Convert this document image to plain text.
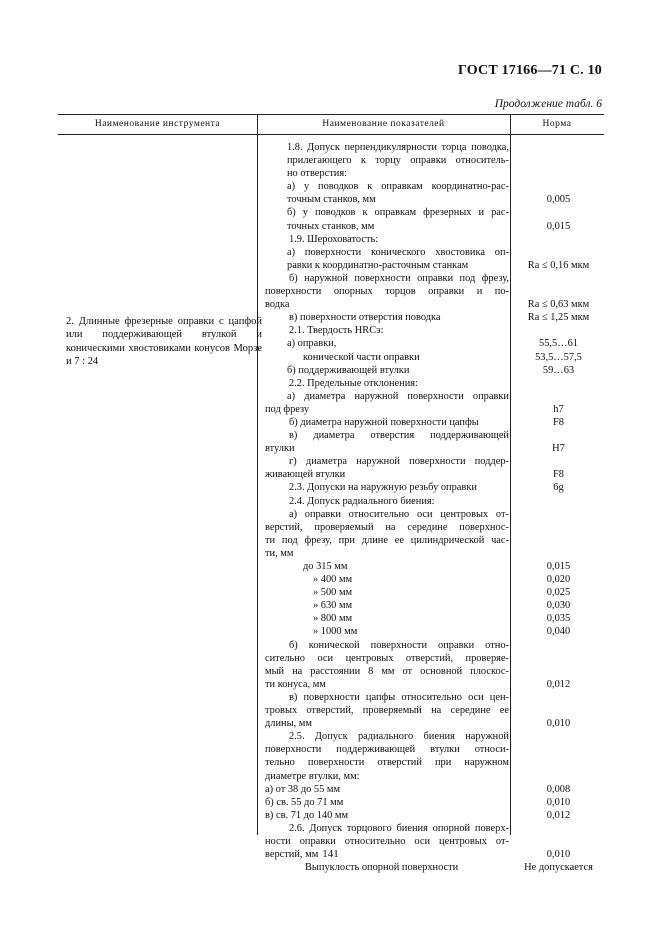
ГОСТ 17166—71 С. 10
Продолжение табл. 6
Наименование инструмента	Наименование показателей	Норма
2. Длинные фрезерные оправки с цапфой или поддерживающей втулкой и коническими хвостовиками конусов Морзе и 7 : 24
1.8. Допуск перпендикулярности торца поводка,
прилегающего к торцу оправки относитель-
но отверстия:
а) у поводков к оправкам координатно-рас-
точным станков, мм	0,005
б) у поводков к оправкам фрезерных и рас-
точных станков, мм	0,015
1.9. Шероховатость:
а) поверхности конического хвостовика оп-
равки к координатно-расточным станкам	Ra ≤ 0,16 мкм
б) наружной поверхности оправки под фрезу,
поверхности опорных торцов оправки и по-
водка	Ra ≤ 0,63 мкм
в) поверхности отверстия поводка	Ra ≤ 1,25 мкм
2.1. Твердость HRCэ:
а) оправки,	55,5…61
конической части оправки	53,5…57,5
б) поддерживающей втулки	59…63
2.2. Предельные отклонения:
а) диаметра наружной поверхности оправки
под фрезу	h7
б) диаметра наружной поверхности цапфы	F8
в) диаметра отверстия поддерживающей
втулки	H7
г) диаметра наружной поверхности поддер-
живающей втулки	F8
2.3. Допуски на наружную резьбу оправки	6g
2.4. Допуск радиального биения:
а) оправки относительно оси центровых от-
верстий, проверяемый на середине поверхнос-
ти под фрезу, при длине ее цилиндрической час-
ти, мм
до 315 мм	0,015
» 400 мм	0,020
» 500 мм	0,025
» 630 мм	0,030
» 800 мм	0,035
» 1000 мм	0,040
б) конической поверхности оправки отно-
сительно оси центровых отверстий, проверяе-
мый на расстоянии 8 мм от основной плоскос-
ти конуса, мм	0,012
в) поверхности цапфы относительно оси цен-
тровых отверстий, проверяемый на середине ее
длины, мм	0,010
2.5. Допуск радиального биения наружной
поверхности поддерживающей втулки относи-
тельно поверхности отверстий при наружном
диаметре втулки, мм:
а) от 38 до 55 мм	0,008
б) св. 55 до 71 мм	0,010
в) св. 71 до 140 мм	0,012
2.6. Допуск торцового биения опорной поверх-
ности оправки относительно оси центровых от-
верстий, мм	0,010
Выпуклость опорной поверхности	Не допускается
141
